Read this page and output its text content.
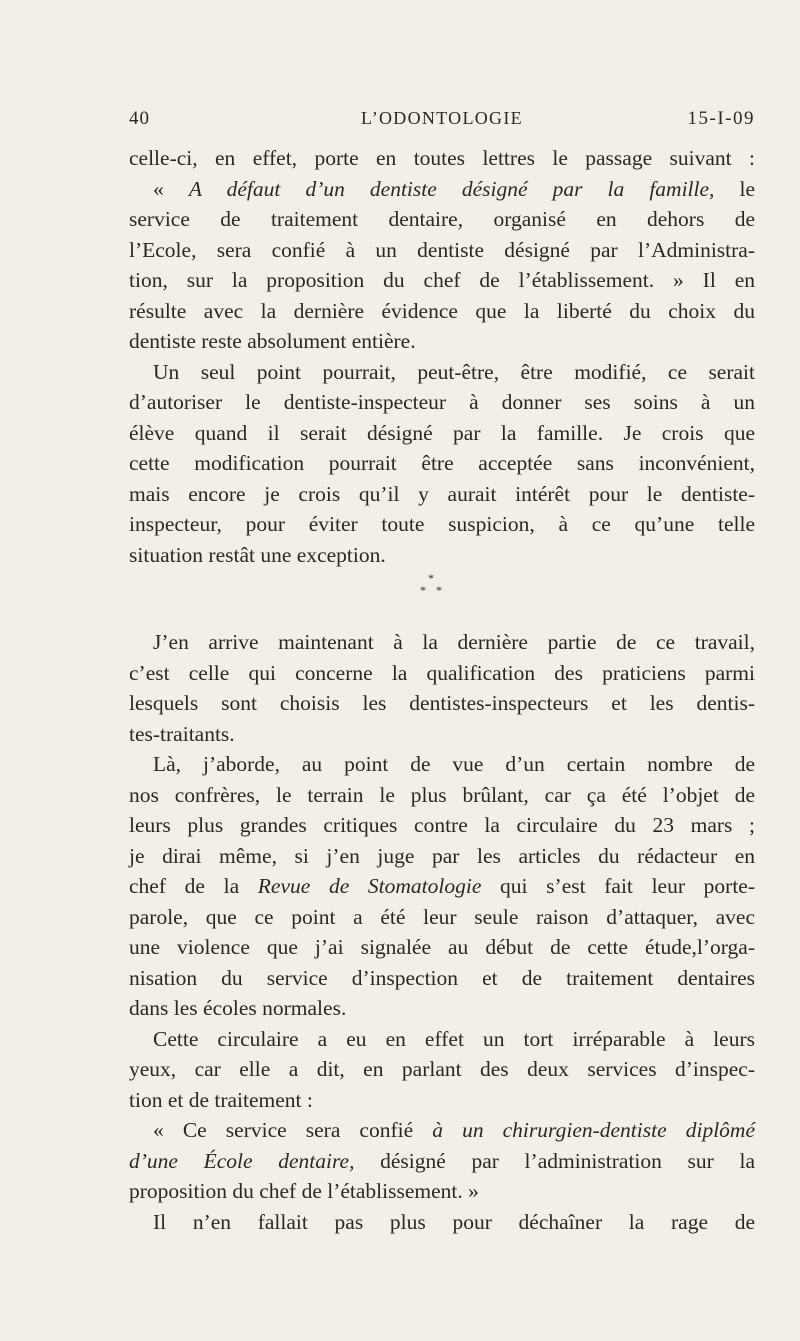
40	L’ODONTOLOGIE	15-I-09
celle-ci, en effet, porte en toutes lettres le passage suivant :
« A défaut d’un dentiste désigné par la famille, le
service de traitement dentaire, organisé en dehors de
l’Ecole, sera confié à un dentiste désigné par l’Administra-
tion, sur la proposition du chef de l’établissement. » Il en
résulte avec la dernière évidence que la liberté du choix du
dentiste reste absolument entière.
Un seul point pourrait, peut-être, être modifié, ce serait
d’autoriser le dentiste-inspecteur à donner ses soins à un
élève quand il serait désigné par la famille. Je crois que
cette modification pourrait être acceptée sans inconvénient,
mais encore je crois qu’il y aurait intérêt pour le dentiste-
inspecteur, pour éviter toute suspicion, à ce qu’une telle
situation restât une exception.
*
* *
J’en arrive maintenant à la dernière partie de ce travail,
c’est celle qui concerne la qualification des praticiens parmi
lesquels sont choisis les dentistes-inspecteurs et les dentis-
tes-traitants.
Là, j’aborde, au point de vue d’un certain nombre de
nos confrères, le terrain le plus brûlant, car ça été l’objet de
leurs plus grandes critiques contre la circulaire du 23 mars ;
je dirai même, si j’en juge par les articles du rédacteur en
chef de la Revue de Stomatologie qui s’est fait leur porte-
parole, que ce point a été leur seule raison d’attaquer, avec
une violence que j’ai signalée au début de cette étude,l’orga-
nisation du service d’inspection et de traitement dentaires
dans les écoles normales.
Cette circulaire a eu en effet un tort irréparable à leurs
yeux, car elle a dit, en parlant des deux services d’inspec-
tion et de traitement :
« Ce service sera confié à un chirurgien-dentiste diplômé
d’une École dentaire, désigné par l’administration sur la
proposition du chef de l’établissement. »
Il n’en fallait pas plus pour déchaîner la rage de
